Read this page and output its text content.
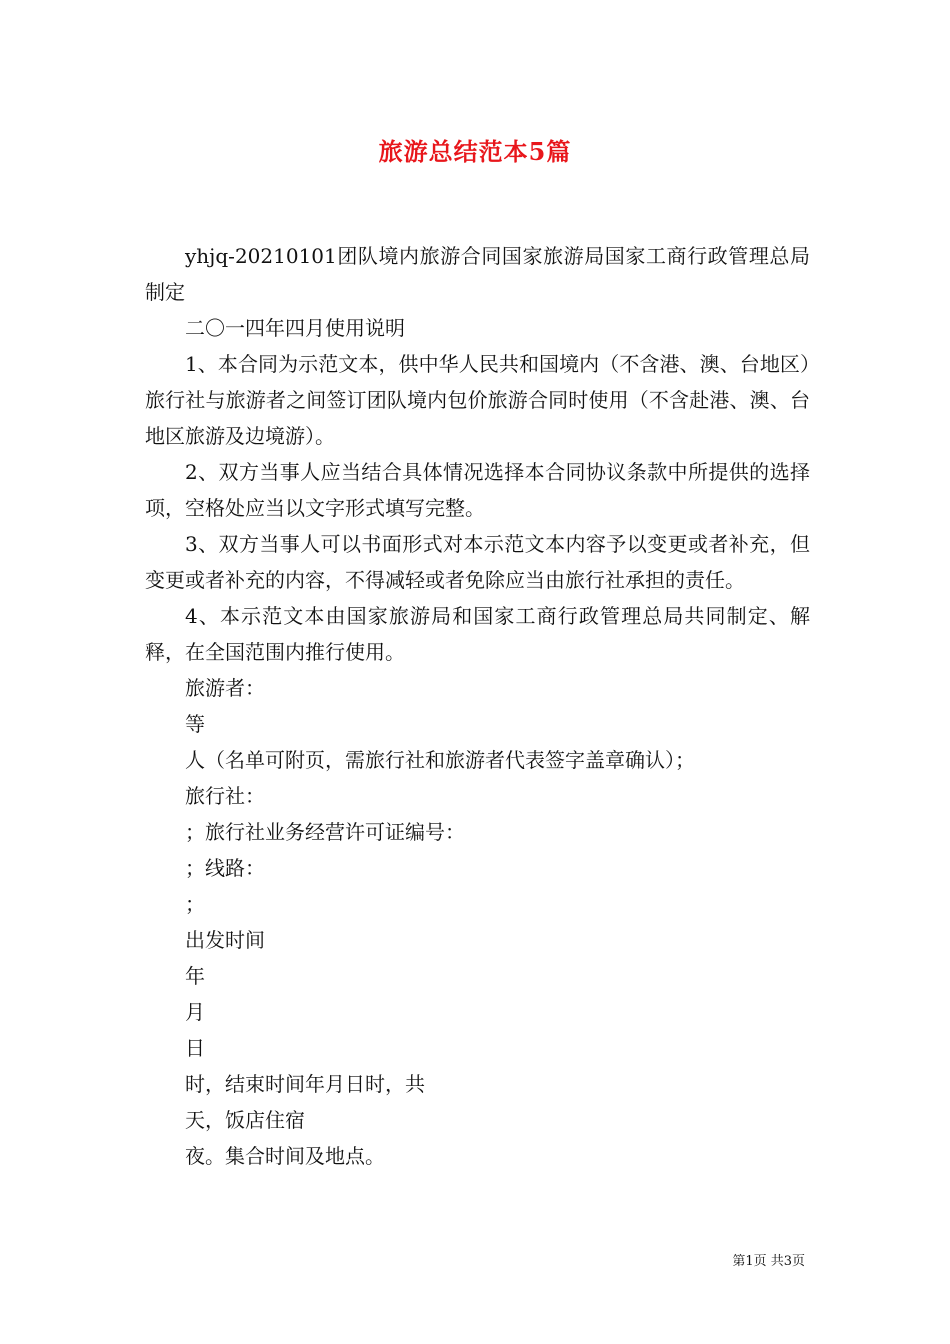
旅游总结范本5篇

yhjq-20210101团队境内旅游合同国家旅游局国家工商行政管理总局制定

二〇一四年四月使用说明

1、本合同为示范文本，供中华人民共和国境内（不含港、澳、台地区）旅行社与旅游者之间签订团队境内包价旅游合同时使用（不含赴港、澳、台地区旅游及边境游）。

2、双方当事人应当结合具体情况选择本合同协议条款中所提供的选择项，空格处应当以文字形式填写完整。

3、双方当事人可以书面形式对本示范文本内容予以变更或者补充，但变更或者补充的内容，不得减轻或者免除应当由旅行社承担的责任。

4、本示范文本由国家旅游局和国家工商行政管理总局共同制定、解释，在全国范围内推行使用。

旅游者：

等

人（名单可附页，需旅行社和旅游者代表签字盖章确认）；

旅行社：

；旅行社业务经营许可证编号：

；线路：

；

出发时间

年

月

日

时，结束时间年月日时，共

天，饭店住宿

夜。集合时间及地点。

第1页 共3页
